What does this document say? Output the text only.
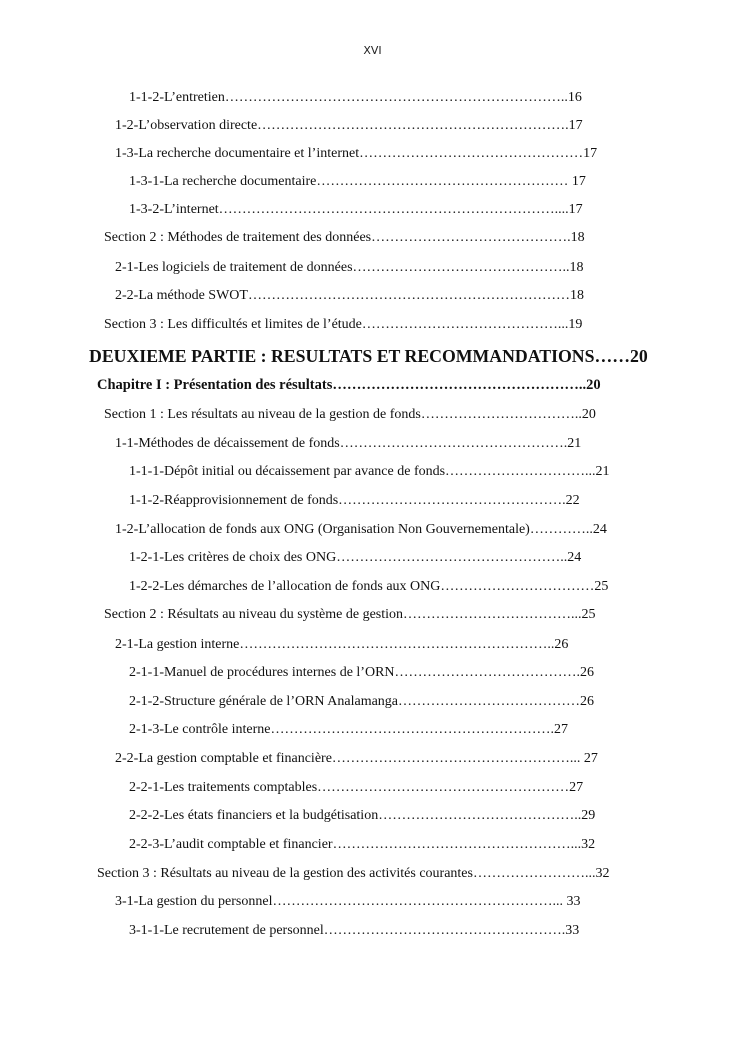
XVI
1-1-2-L’entretien………………………………………………………………..16
1-2-L’observation directe………………………………………………………….17
1-3-La recherche documentaire et l’internet…………………………………………17
1-3-1-La recherche documentaire……………………………………………… 17
1-3-2-L’internet………………………………………………………………....17
Section 2 : Méthodes de traitement des données…………………………………….18
2-1-Les logiciels de traitement de données………………………………………..18
2-2-La méthode SWOT……………………………………………………………18
Section 3 : Les difficultés et limites de l’étude……………………………………...19
DEUXIEME PARTIE : RESULTATS ET RECOMMANDATIONS……20
Chapitre I : Présentation des résultats……………………………………………..20
Section 1 : Les résultats au niveau de la gestion de fonds……………………………..20
1-1-Méthodes de décaissement de fonds………………………………………….21
1-1-1-Dépôt initial ou décaissement par avance de fonds…………………………...21
1-1-2-Réapprovisionnement de fonds………………………………………….22
1-2-L’allocation de fonds aux ONG (Organisation Non Gouvernementale)…………..24
1-2-1-Les critères de choix des ONG…………………………………………..24
1-2-2-Les démarches de l’allocation de fonds aux ONG……………………………25
Section 2 : Résultats au niveau du système de gestion………………………………...25
2-1-La gestion interne…………………………………………………………..26
2-1-1-Manuel de procédures internes de l’ORN………………………………….26
2-1-2-Structure générale de l’ORN Analamanga…………………………………26
2-1-3-Le contrôle interne…………………………………………………….27
2-2-La gestion comptable et financière……………………………………………... 27
2-2-1-Les traitements comptables………………………………………………27
2-2-2-Les états financiers et la budgétisation……………………………………..29
2-2-3-L’audit comptable et financier……………………………………………...32
Section 3 : Résultats au niveau de la gestion des activités courantes……………………...32
3-1-La gestion du personnel……………………………………………………... 33
3-1-1-Le recrutement de personnel…………………………………………….33
